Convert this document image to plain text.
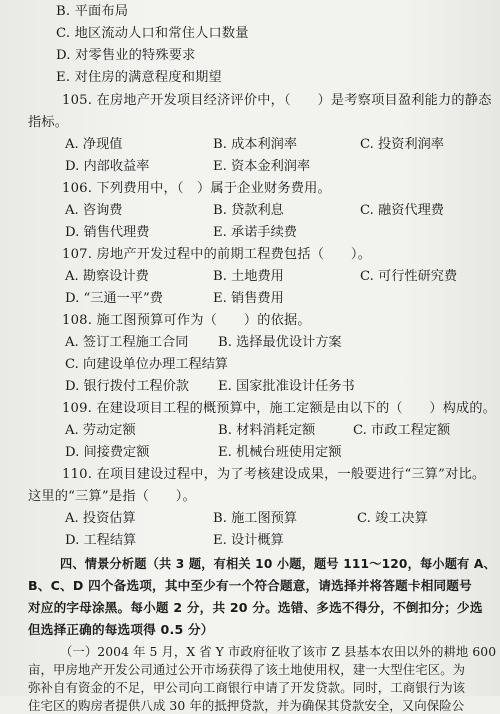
B. 平面布局
C. 地区流动人口和常住人口数量
D. 对零售业的特殊要求
E. 对住房的满意程度和期望
105. 在房地产开发项目经济评价中，（　　）是考察项目盈利能力的静态
指标。
A. 净现值	B. 成本利润率	C. 投资利润率
D. 内部收益率	E. 资本金利润率
106. 下列费用中，（　）属于企业财务费用。
A. 咨询费	B. 贷款利息	C. 融资代理费
D. 销售代理费	E. 承诺手续费
107. 房地产开发过程中的前期工程费包括（　　）。
A. 勘察设计费	B. 土地费用	C. 可行性研究费
D. “三通一平”费	E. 销售费用
108. 施工图预算可作为（　　）的依据。
A. 签订工程施工合同 B. 选择最优设计方案
C. 向建设单位办理工程结算
D. 银行拨付工程价款 E. 国家批准设计任务书
109. 在建设项目工程的概预算中，施工定额是由以下的（　　）构成的。
A. 劳动定额	B. 材料消耗定额	C. 市政工程定额
D. 间接费定额	E. 机械台班使用定额
110. 在项目建设过程中，为了考核建设成果，一般要进行“三算”对比。
这里的“三算”是指（　　）。
A. 投资估算	B. 施工图预算	C. 竣工决算
D. 工程结算	E. 设计概算
四、情景分析题（共 3 题，有相关 10 小题，题号 111～120，每小题有 A、
B、C、D 四个备选项，其中至少有一个符合题意，请选择并将答题卡相同题号
对应的字母涂黑。每小题 2 分，共 20 分。选错、多选不得分，不倒扣分；少选
但选择正确的每选项得 0.5 分）
（一）2004 年 5 月，X 省 Y 市政府征收了该市 Z 县基本农田以外的耕地 600
亩，甲房地产开发公司通过公开市场获得了该土地使用权，建一大型住宅区。为
弥补自有资金的不足，甲公司向工商银行申请了开发贷款。同时，工商银行为该
住宅区的购房者提供八成 30 年的抵押贷款，并为确保其贷款安全，又向保险公
